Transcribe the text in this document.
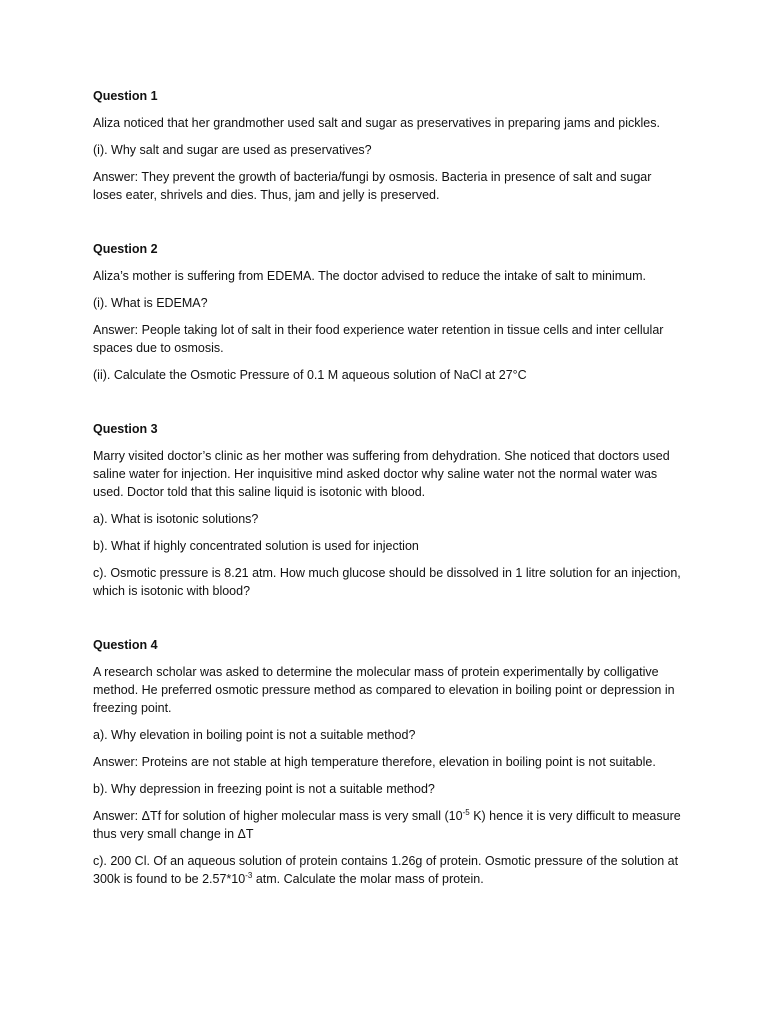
Question 1
Aliza noticed that her grandmother used salt and sugar as preservatives in preparing jams and pickles.
(i). Why salt and sugar are used as preservatives?
Answer: They prevent the growth of bacteria/fungi by osmosis. Bacteria in presence of salt and sugar loses eater, shrivels and dies. Thus, jam and jelly is preserved.
Question 2
Aliza’s mother is suffering from EDEMA. The doctor advised to reduce the intake of salt to minimum.
(i). What is EDEMA?
Answer: People taking lot of salt in their food experience water retention in tissue cells and inter cellular spaces due to osmosis.
(ii). Calculate the Osmotic Pressure of 0.1 M aqueous solution of NaCl at 27°C
Question 3
Marry visited doctor’s clinic as her mother was suffering from dehydration. She noticed that doctors used saline water for injection. Her inquisitive mind asked doctor why saline water not the normal water was used. Doctor told that this saline liquid is isotonic with blood.
a). What is isotonic solutions?
b). What if highly concentrated solution is used for injection
c). Osmotic pressure is 8.21 atm. How much glucose should be dissolved in 1 litre solution for an injection, which is isotonic with blood?
Question 4
A research scholar was asked to determine the molecular mass of protein experimentally by colligative method. He preferred osmotic pressure method as compared to elevation in boiling point or depression in freezing point.
a). Why elevation in boiling point is not a suitable method?
Answer: Proteins are not stable at high temperature therefore, elevation in boiling point is not suitable.
b). Why depression in freezing point is not a suitable method?
Answer: ΔTf for solution of higher molecular mass is very small ($10^{-5}$ K) hence it is very difficult to measure thus very small change in ΔT
c). 200 Cl. Of an aqueous solution of protein contains 1.26g of protein. Osmotic pressure of the solution at 300k is found to be $2.57*10^{-3}$ atm. Calculate the molar mass of protein.
